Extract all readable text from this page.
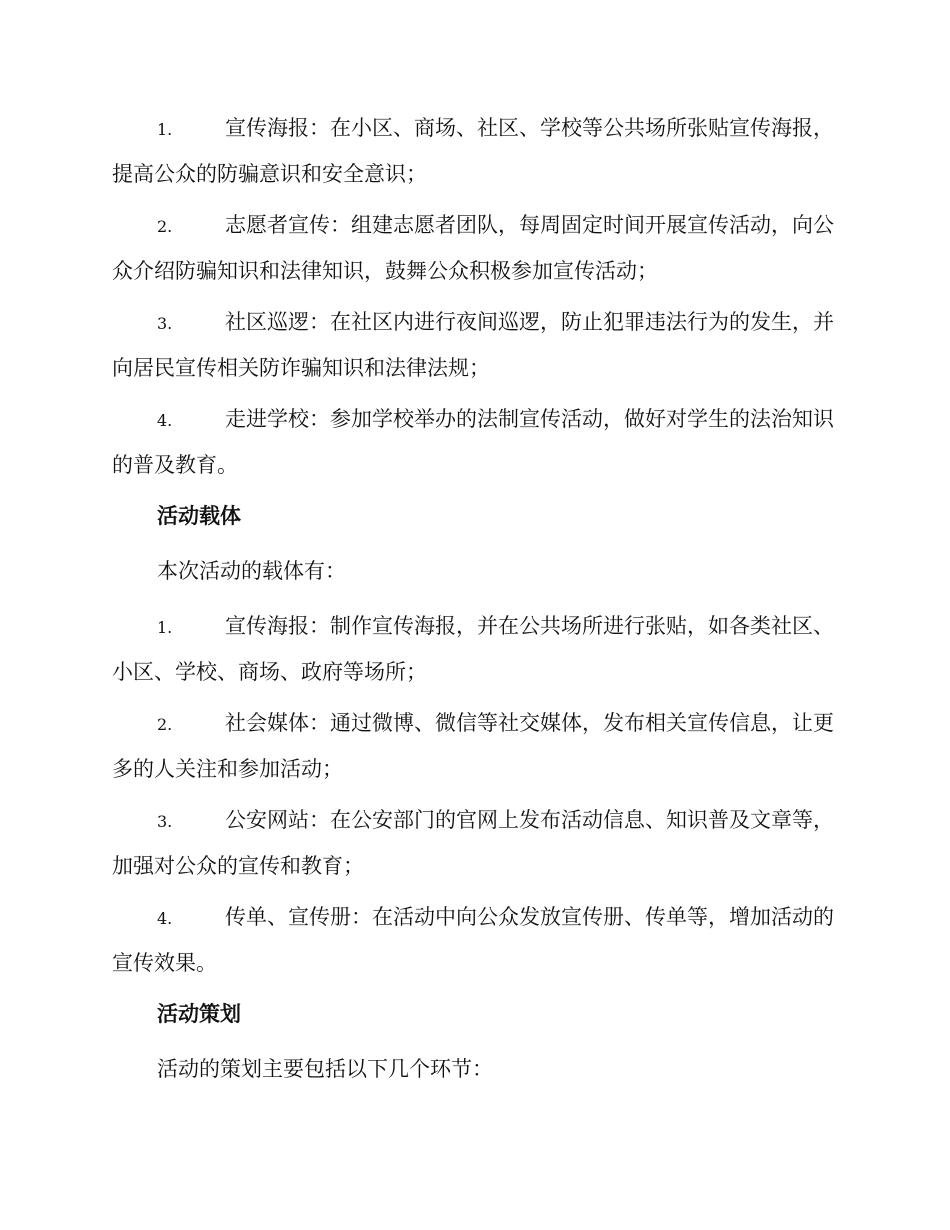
1.	宣传海报：在小区、商场、社区、学校等公共场所张贴宣传海报，提高公众的防骗意识和安全意识；

2.	志愿者宣传：组建志愿者团队，每周固定时间开展宣传活动，向公众介绍防骗知识和法律知识，鼓舞公众积极参加宣传活动；

3.	社区巡逻：在社区内进行夜间巡逻，防止犯罪违法行为的发生，并向居民宣传相关防诈骗知识和法律法规；

4.	走进学校：参加学校举办的法制宣传活动，做好对学生的法治知识的普及教育。

活动载体

本次活动的载体有：

1.	宣传海报：制作宣传海报，并在公共场所进行张贴，如各类社区、小区、学校、商场、政府等场所；

2.	社会媒体：通过微博、微信等社交媒体，发布相关宣传信息，让更多的人关注和参加活动；

3.	公安网站：在公安部门的官网上发布活动信息、知识普及文章等，加强对公众的宣传和教育；

4.	传单、宣传册：在活动中向公众发放宣传册、传单等，增加活动的宣传效果。

活动策划

活动的策划主要包括以下几个环节：
